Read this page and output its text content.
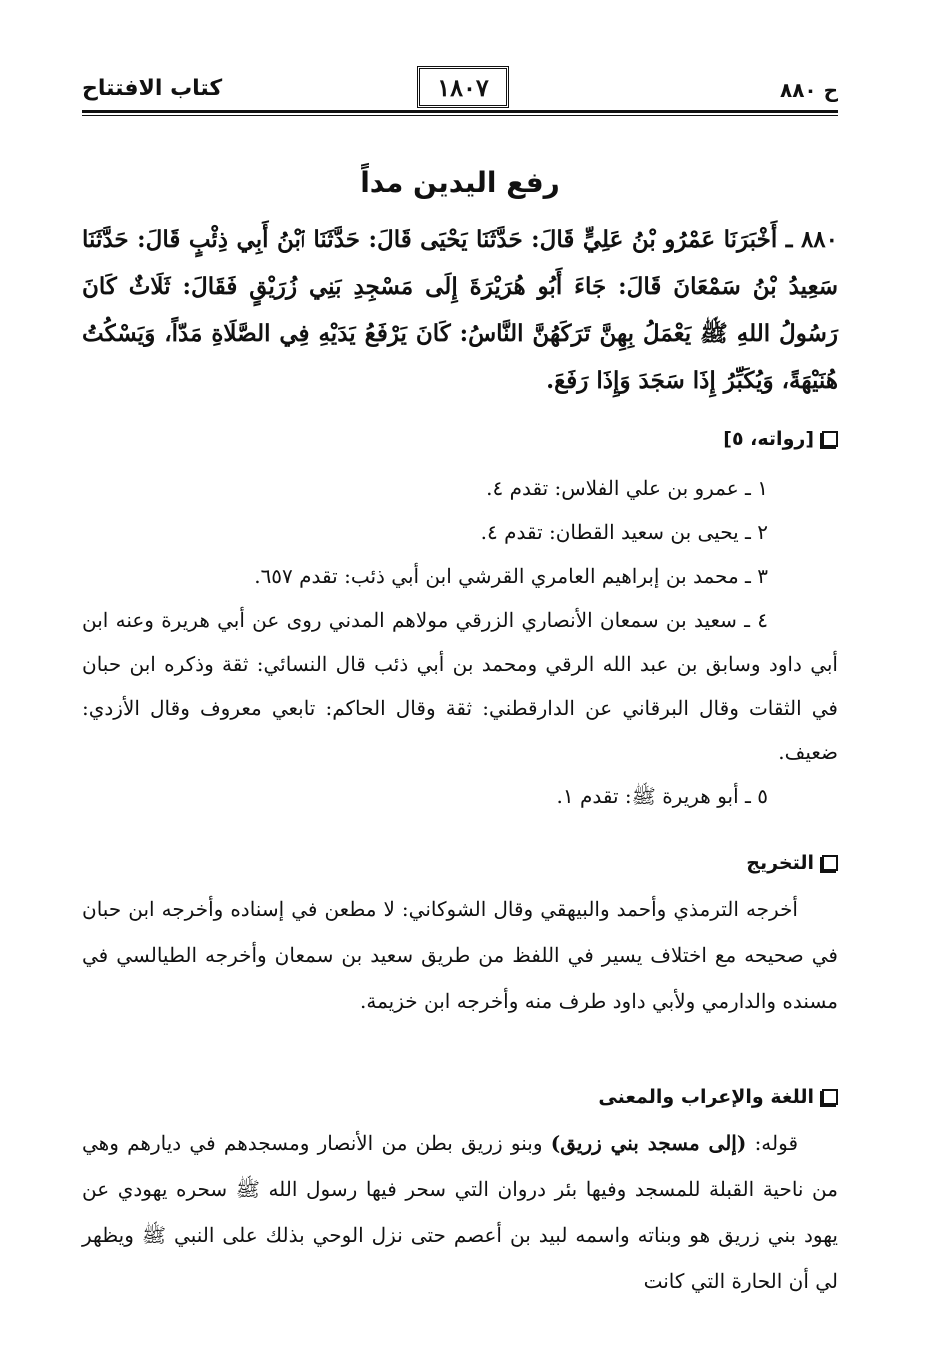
ح ٨٨٠
١٨٠٧
كتاب الافتتاح
رفع اليدين مداً
٨٨٠ ـ أَخْبَرَنَا عَمْرُو بْنُ عَلِيٍّ قَالَ: حَدَّثَنَا يَحْيَى قَالَ: حَدَّثَنَا ٱبْنُ أَبِي ذِئْبٍ قَالَ: حَدَّثَنَا سَعِيدُ بْنُ سَمْعَانَ قَالَ: جَاءَ أَبُو هُرَيْرَةَ إِلَى مَسْجِدِ بَنِي زُرَيْقٍ فَقَالَ: ثَلَاثٌ كَانَ رَسُولُ اللهِ ﷺ يَعْمَلُ بِهِنَّ تَرَكَهُنَّ النَّاسُ: كَانَ يَرْفَعُ يَدَيْهِ فِي الصَّلَاةِ مَدّاً، وَيَسْكُتُ هُنَيْهَةً، وَيُكَبِّرُ إِذَا سَجَدَ وَإِذَا رَفَعَ.
[رواته، ٥]
١ ـ عمرو بن علي الفلاس: تقدم ٤.
٢ ـ يحيى بن سعيد القطان: تقدم ٤.
٣ ـ محمد بن إبراهيم العامري القرشي ابن أبي ذئب: تقدم ٦٥٧.
٤ ـ سعيد بن سمعان الأنصاري الزرقي مولاهم المدني روى عن أبي هريرة وعنه ابن أبي داود وسابق بن عبد الله الرقي ومحمد بن أبي ذئب قال النسائي: ثقة وذكره ابن حبان في الثقات وقال البرقاني عن الدارقطني: ثقة وقال الحاكم: تابعي معروف وقال الأزدي: ضعيف.
٥ ـ أبو هريرة ﷺ: تقدم ١.
التخريج
أخرجه الترمذي وأحمد والبيهقي وقال الشوكاني: لا مطعن في إسناده وأخرجه ابن حبان في صحيحه مع اختلاف يسير في اللفظ من طريق سعيد بن سمعان وأخرجه الطيالسي في مسنده والدارمي ولأبي داود طرف منه وأخرجه ابن خزيمة.
اللغة والإعراب والمعنى
قوله: (إلى مسجد بني زريق) وبنو زريق بطن من الأنصار ومسجدهم في ديارهم وهي من ناحية القبلة للمسجد وفيها بئر دروان التي سحر فيها رسول الله ﷺ سحره يهودي عن يهود بني زريق هو وبناته واسمه لبيد بن أعصم حتى نزل الوحي بذلك على النبي ﷺ ويظهر لي أن الحارة التي كانت
